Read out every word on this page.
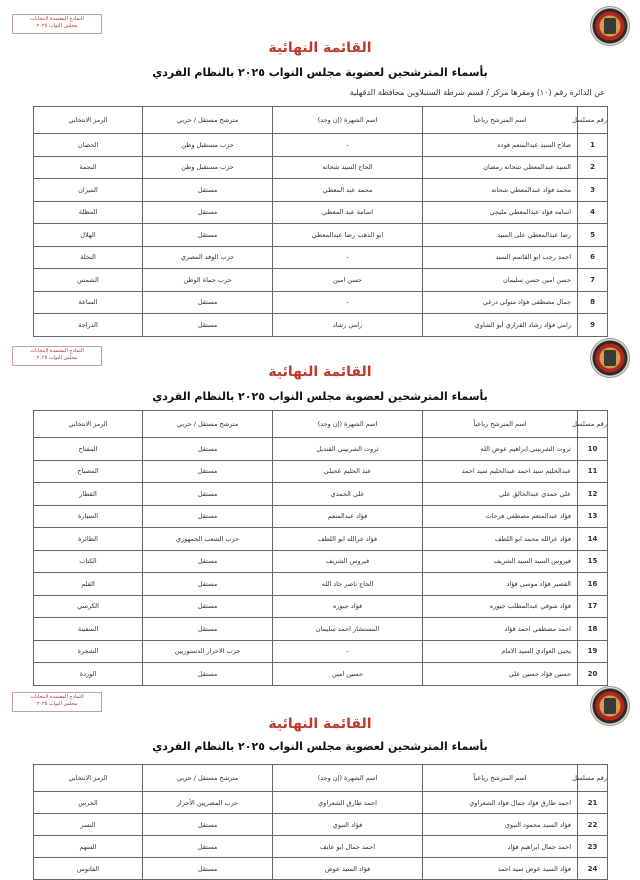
النماذج المعتمدة لانتخابات
مجلس النواب ٢٠٢٥
القائمة النهائية
بأسماء المترشحين لعضوية مجلس النواب ٢٠٢٥ بالنظام الفردي
عن الدائرة رقم (١٠) ومقرها مركز / قسم شرطة السنبلاوين محافظة الدقهلية
رقم مسلسل	اسم المترشح رباعياً	اسم الشهرة (إن وجد)	مترشح مستقل / حزبي	الرمز الانتخابي
1	صلاح السيد عبدالمنعم فوده	-	حزب مستقبل وطن	الحصان
2	السيد عبدالمعطي شحاته رمضان	الحاج السيد شحاته	حزب مستقبل وطن	النجمة
3	محمد فؤاد عبدالمعطي شحاته	محمد عبد المعطي	مستقل	الميزان
4	اسامه فؤاد عبدالمعطي مليجي	اسامة عبد المعطي	مستقل	المظلة
5	رضا عبدالمعطي على السيد	ابو الدهب رضا عبدالمعطي	مستقل	الهلال
6	احمد رجب ابو القاسم السيد	-	حزب الوفد المصري	النخلة
7	حسن امين حسن سليمان	حسن امين	حزب حماة الوطن	الشمس
8	جمال مصطفى فؤاد متولي درغي	-	مستقل	الساعة
9	رامي فؤاد رشاد القزازي أبو الشاوي	رامي رشاد	مستقل	الدراجة
النماذج المعتمدة لانتخابات
مجلس النواب ٢٠٢٥
القائمة النهائية
بأسماء المترشحين لعضوية مجلس النواب ٢٠٢٥ بالنظام الفردي
رقم مسلسل	اسم المترشح رباعياً	اسم الشهرة (إن وجد)	مترشح مستقل / حزبي	الرمز الانتخابي
10	ثروت الشربيني ابراهيم عوض الله	ثروت الشربيني القنديل	مستقل	المفتاح
11	عبدالحليم سيد احمد عبدالحليم سيد احمد	عبد الحليم عجيلي	مستقل	المصباح
12	علي حمدي عبدالخالق علي	على الحمدي	مستقل	القطار
13	فؤاد عبدالمنعم مصطفي فرحات	فؤاد عبدالمنعم	مستقل	السيارة
14	فؤاد عزالله محمد ابو اللطف	فؤاد عزالله ابو اللطف	حزب الشعب الجمهوري	الطائرة
15	فيروس السيد السيد الشريف	فيروس الشريف	مستقل	الكتاب
16	القصير فؤاد موسى فؤاد	الحاج ناصر جاد الله	مستقل	القلم
17	فؤاد شوقي عبدالمطلب جيوره	فؤاد جيوره	مستقل	الكرسي
18	احمد مصطفي احمد فؤاد	المستشار احمد سليمان	مستقل	السفينة
19	يحيى العوادي السيد الامام	-	حزب الاحرار الدستوريين	الشجرة
20	حسين فؤاد حسين علي	حسين امين	مستقل	الوردة
النماذج المعتمدة لانتخابات
مجلس النواب ٢٠٢٥
القائمة النهائية
بأسماء المترشحين لعضوية مجلس النواب ٢٠٢٥ بالنظام الفردي
رقم مسلسل	اسم المترشح رباعياً	اسم الشهرة (إن وجد)	مترشح مستقل / حزبي	الرمز الانتخابي
21	احمد طارق فؤاد جمال فؤاد الشعراوي	احمد طارق الشعراوي	حزب المصريين الأحرار	الجرس
22	فؤاد السيد محمود النبوي	فؤاد النبوي	مستقل	النسر
23	احمد جمال ابراهيم فؤاد	احمد جمال ابو عايف	مستقل	السهم
24	فؤاد السيد عوض سيد احمد	فؤاد السيد عوض	مستقل	الفانوس
